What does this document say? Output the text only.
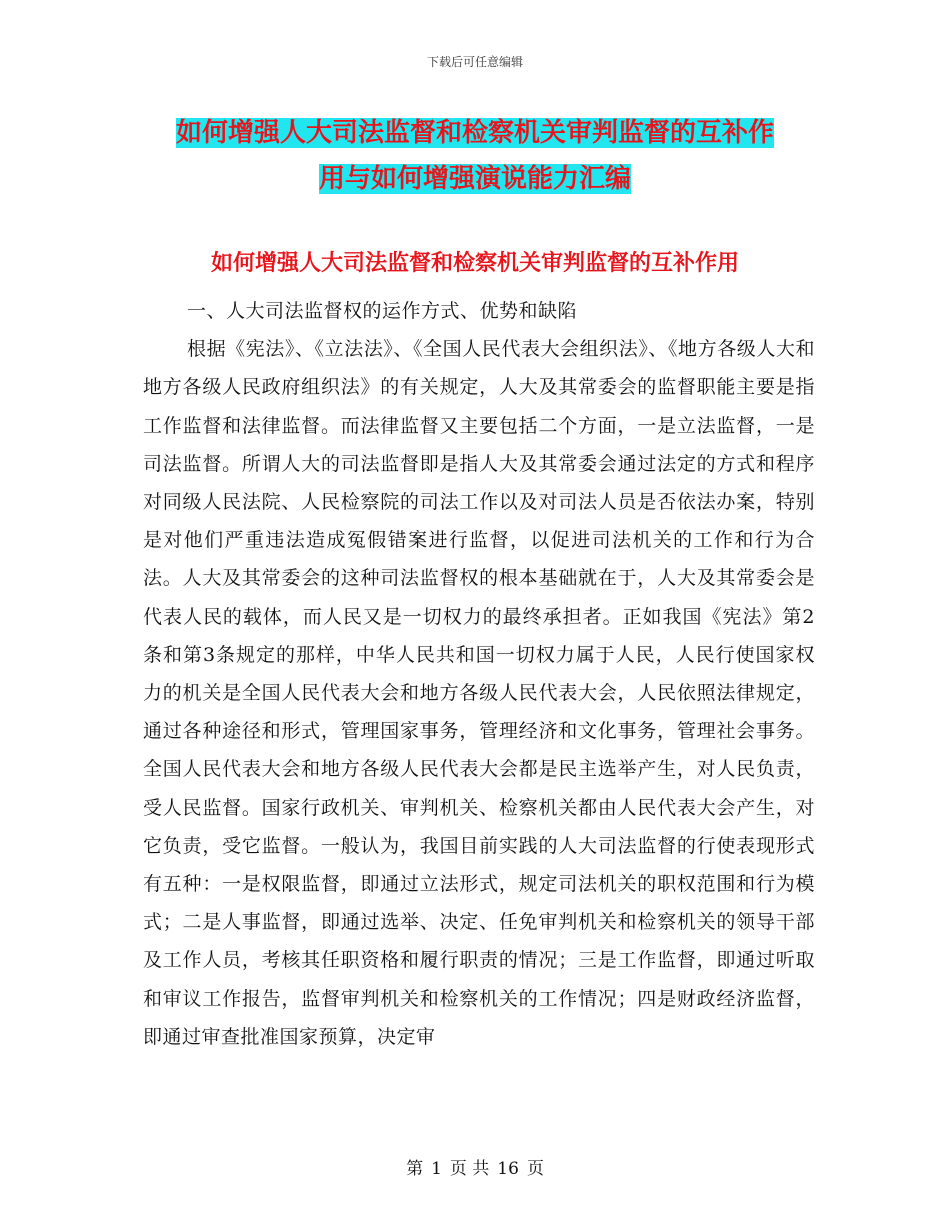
下载后可任意编辑
如何增强人大司法监督和检察机关审判监督的互补作
用与如何增强演说能力汇编
如何增强人大司法监督和检察机关审判监督的互补作用

一、人大司法监督权的运作方式、优势和缺陷

根据《宪法》、《立法法》、《全国人民代表大会组织法》、《地方各级人大和地方各级人民政府组织法》的有关规定，人大及其常委会的监督职能主要是指工作监督和法律监督。而法律监督又主要包括二个方面，一是立法监督，一是司法监督。所谓人大的司法监督即是指人大及其常委会通过法定的方式和程序对同级人民法院、人民检察院的司法工作以及对司法人员是否依法办案，特别是对他们严重违法造成冤假错案进行监督，以促进司法机关的工作和行为合法。人大及其常委会的这种司法监督权的根本基础就在于，人大及其常委会是代表人民的载体，而人民又是一切权力的最终承担者。正如我国《宪法》第2条和第3条规定的那样，中华人民共和国一切权力属于人民，人民行使国家权力的机关是全国人民代表大会和地方各级人民代表大会，人民依照法律规定，通过各种途径和形式，管理国家事务，管理经济和文化事务，管理社会事务。全国人民代表大会和地方各级人民代表大会都是民主选举产生，对人民负责，受人民监督。国家行政机关、审判机关、检察机关都由人民代表大会产生，对它负责，受它监督。一般认为，我国目前实践的人大司法监督的行使表现形式有五种：一是权限监督，即通过立法形式，规定司法机关的职权范围和行为模式；二是人事监督，即通过选举、决定、任免审判机关和检察机关的领导干部及工作人员，考核其任职资格和履行职责的情况；三是工作监督，即通过听取和审议工作报告，监督审判机关和检察机关的工作情况；四是财政经济监督，即通过审查批准国家预算，决定审

第 1 页 共 16 页
